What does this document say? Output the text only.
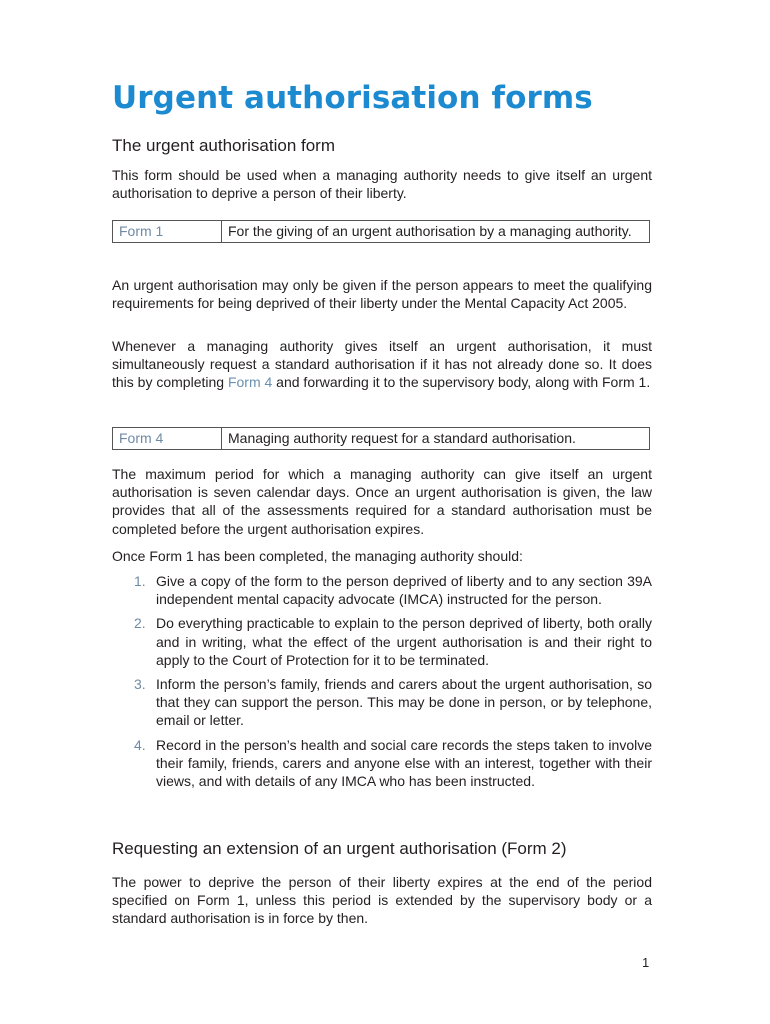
Urgent authorisation forms
The urgent authorisation form

This form should be used when a managing authority needs to give itself an urgent authorisation to deprive a person of their liberty.

Form 1	For the giving of an urgent authorisation by a managing authority.

An urgent authorisation may only be given if the person appears to meet the qualifying requirements for being deprived of their liberty under the Mental Capacity Act 2005.

Whenever a managing authority gives itself an urgent authorisation, it must simultaneously request a standard authorisation if it has not already done so. It does this by completing Form 4 and forwarding it to the supervisory body, along with Form 1.

Form 4	Managing authority request for a standard authorisation.

The maximum period for which a managing authority can give itself an urgent authorisation is seven calendar days. Once an urgent authorisation is given, the law provides that all of the assessments required for a standard authorisation must be completed before the urgent authorisation expires.

Once Form 1 has been completed, the managing authority should:

1. Give a copy of the form to the person deprived of liberty and to any section 39A independent mental capacity advocate (IMCA) instructed for the person.
2. Do everything practicable to explain to the person deprived of liberty, both orally and in writing, what the effect of the urgent authorisation is and their right to apply to the Court of Protection for it to be terminated.
3. Inform the person’s family, friends and carers about the urgent authorisation, so that they can support the person. This may be done in person, or by telephone, email or letter.
4. Record in the person’s health and social care records the steps taken to involve their family, friends, carers and anyone else with an interest, together with their views, and with details of any IMCA who has been instructed.
Requesting an extension of an urgent authorisation (Form 2)

The power to deprive the person of their liberty expires at the end of the period specified on Form 1, unless this period is extended by the supervisory body or a standard authorisation is in force by then.

1
